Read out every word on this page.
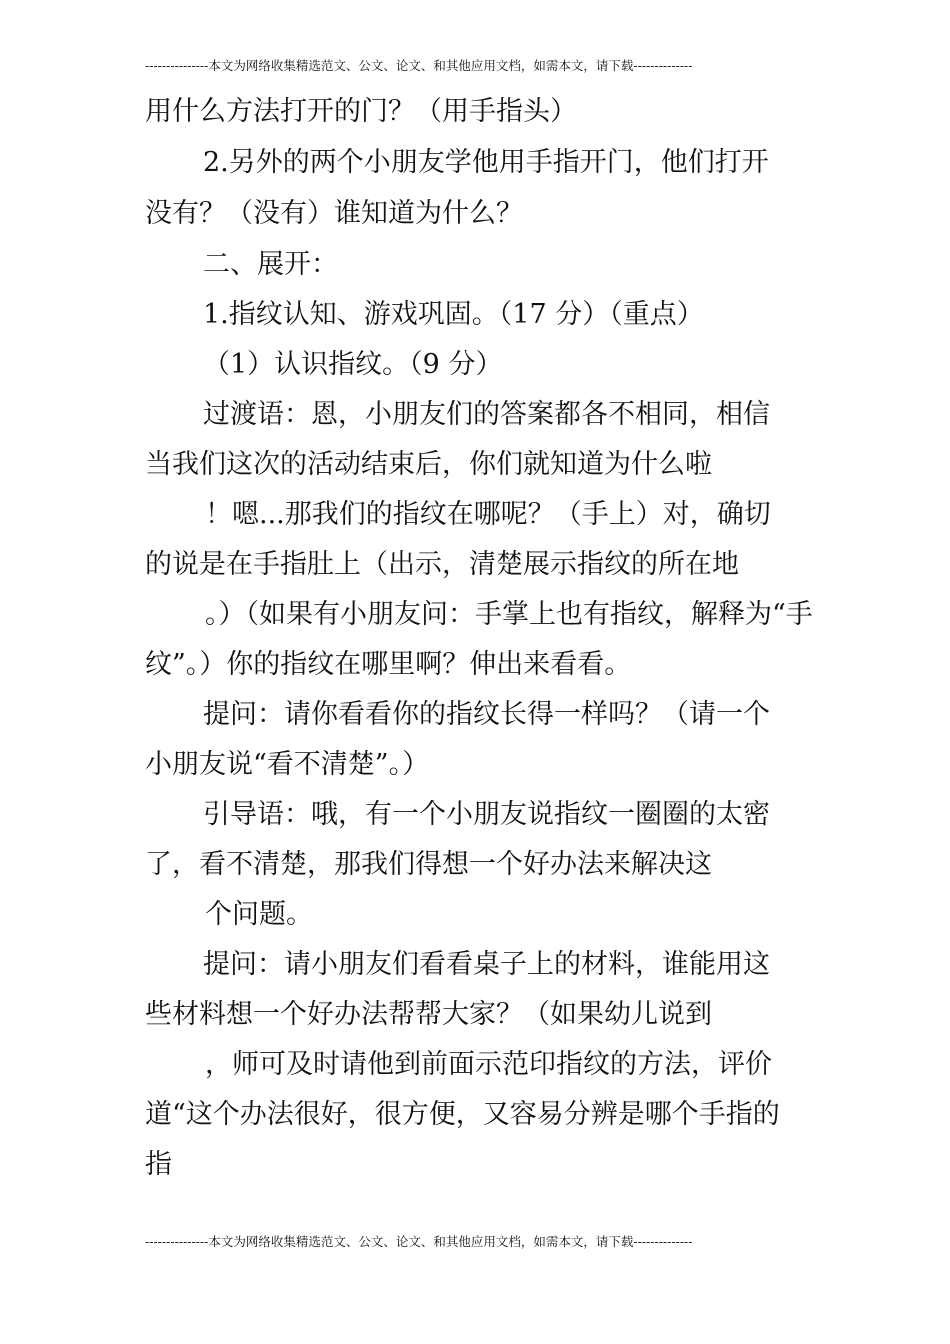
---------------本文为网络收集精选范文、公文、论文、和其他应用文档，如需本文，请下载--------------
用什么方法打开的门？（用手指头）
2.另外的两个小朋友学他用手指开门，他们打开
没有？（没有）谁知道为什么？
二、展开：
1.指纹认知、游戏巩固。（17 分）（重点）
（1）认识指纹。（9 分）
过渡语：恩，小朋友们的答案都各不相同，相信
当我们这次的活动结束后，你们就知道为什么啦
！嗯...那我们的指纹在哪呢？（手上）对，确切
的说是在手指肚上（出示，清楚展示指纹的所在地
。）（如果有小朋友问：手掌上也有指纹，解释为“手
纹”。）你的指纹在哪里啊？伸出来看看。
提问：请你看看你的指纹长得一样吗？（请一个
小朋友说“看不清楚”。）
引导语：哦，有一个小朋友说指纹一圈圈的太密
了，看不清楚，那我们得想一个好办法来解决这
个问题。
提问：请小朋友们看看桌子上的材料，谁能用这
些材料想一个好办法帮帮大家？（如果幼儿说到
，师可及时请他到前面示范印指纹的方法，评价
道“这个办法很好，很方便，又容易分辨是哪个手指的
指
---------------本文为网络收集精选范文、公文、论文、和其他应用文档，如需本文，请下载--------------
